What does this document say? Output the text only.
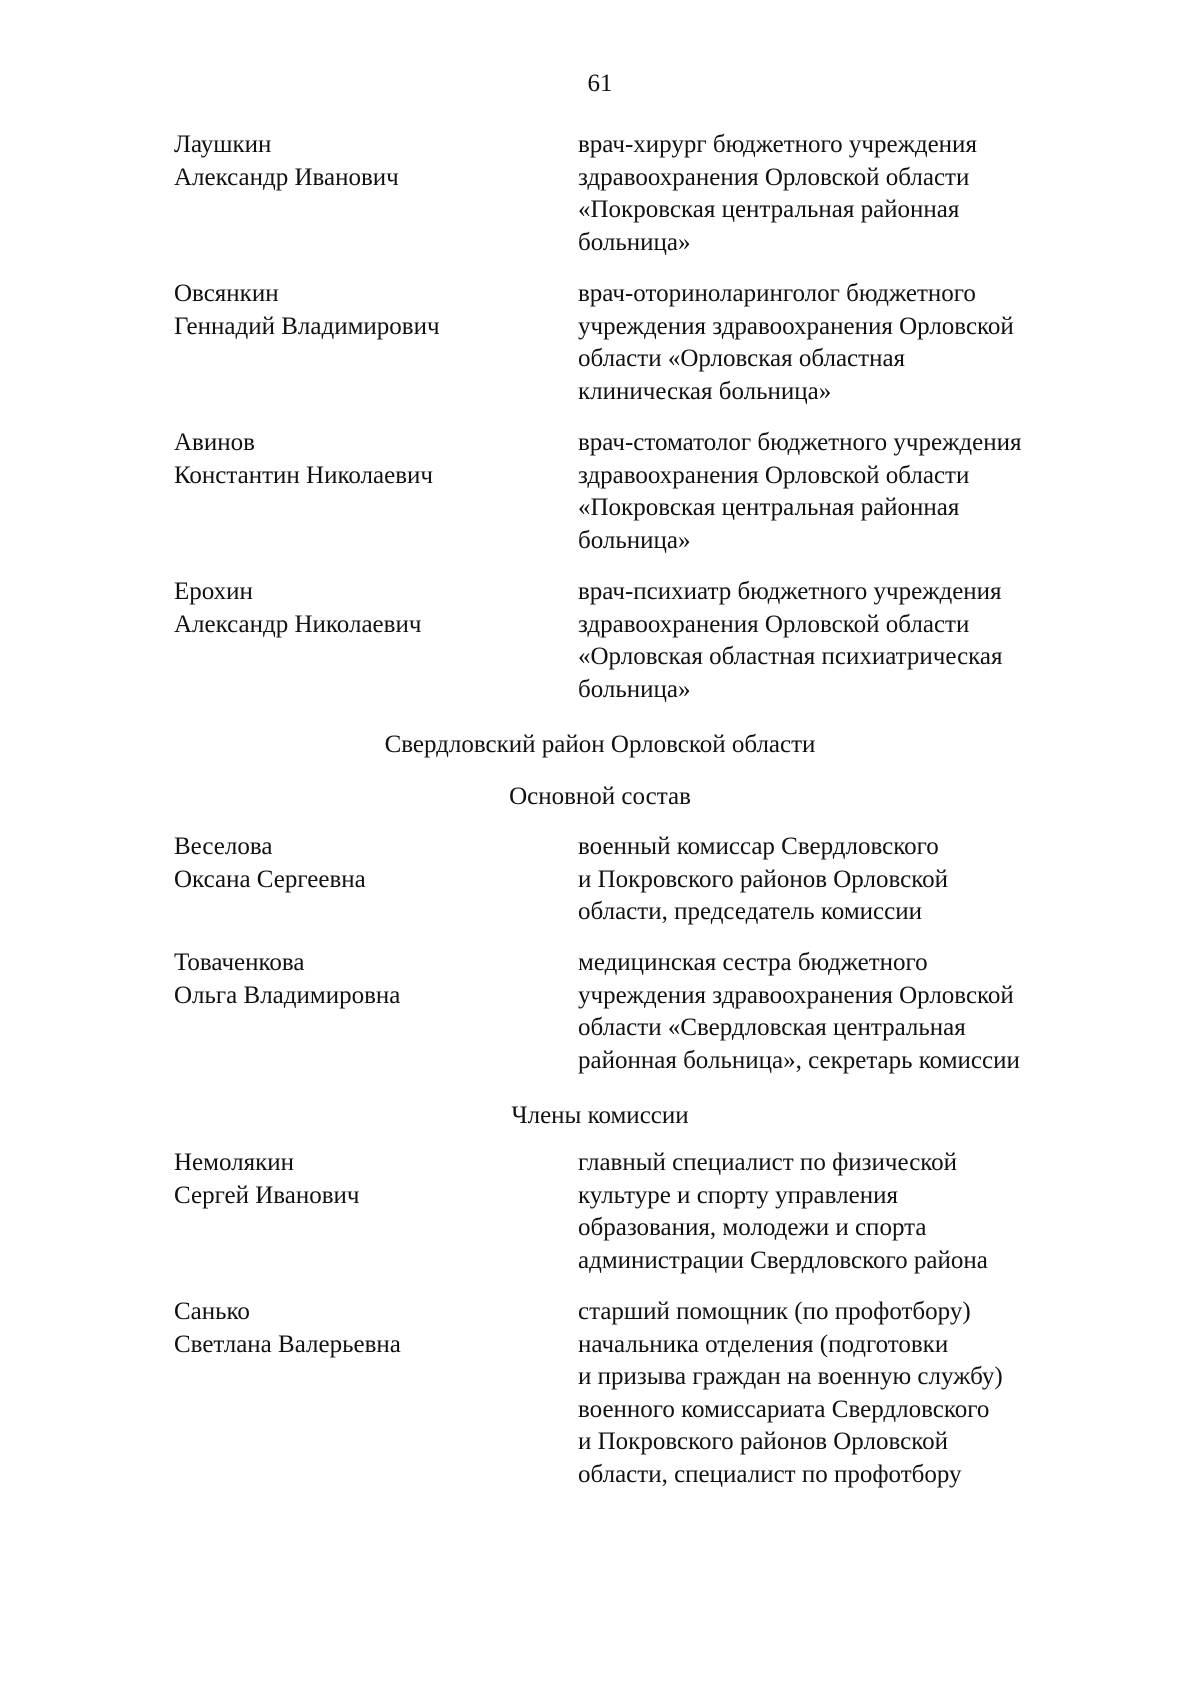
61
Лаушкин
Александр Иванович
врач-хирург бюджетного учреждения
здравоохранения Орловской области
«Покровская центральная районная
больница»
Овсянкин
Геннадий Владимирович
врач-оториноларинголог бюджетного
учреждения здравоохранения Орловской
области «Орловская областная
клиническая больница»
Авинов
Константин Николаевич
врач-стоматолог бюджетного учреждения
здравоохранения Орловской области
«Покровская центральная районная
больница»
Ерохин
Александр Николаевич
врач-психиатр бюджетного учреждения
здравоохранения Орловской области
«Орловская областная психиатрическая
больница»
Свердловский район Орловской области
Основной состав
Веселова
Оксана Сергеевна
военный комиссар Свердловского
и Покровского районов Орловской
области, председатель комиссии
Товаченкова
Ольга Владимировна
медицинская сестра бюджетного
учреждения здравоохранения Орловской
области «Свердловская центральная
районная больница», секретарь комиссии
Члены комиссии
Немолякин
Сергей Иванович
главный специалист по физической
культуре и спорту управления
образования, молодежи и спорта
администрации Свердловского района
Санько
Светлана Валерьевна
старший помощник (по профотбору)
начальника отделения (подготовки
и призыва граждан на военную службу)
военного комиссариата Свердловского
и Покровского районов Орловской
области, специалист по профотбору
